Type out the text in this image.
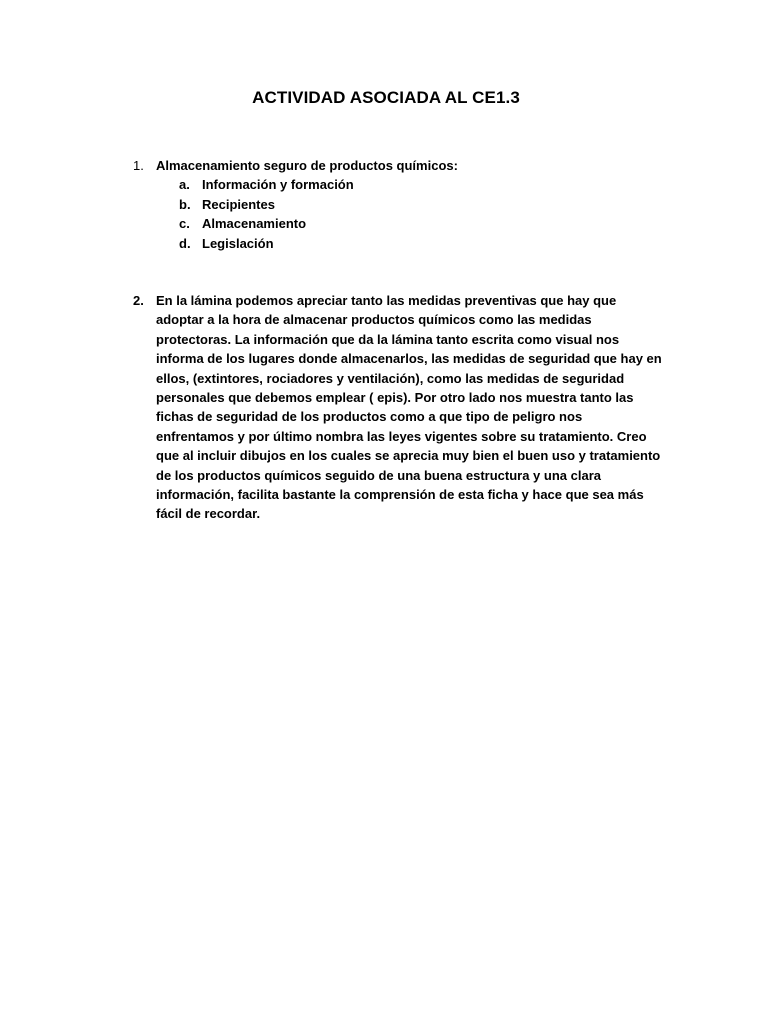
ACTIVIDAD ASOCIADA AL CE1.3
1. Almacenamiento seguro de productos químicos:
a. Información y formación
b. Recipientes
c. Almacenamiento
d. Legislación
2. En la lámina podemos apreciar tanto las medidas preventivas que hay que adoptar a la hora de almacenar productos químicos como las medidas protectoras. La información que da la lámina tanto escrita como visual nos informa de los lugares donde almacenarlos, las medidas de seguridad que hay en ellos, (extintores, rociadores y ventilación), como las medidas de seguridad personales que debemos emplear ( epis). Por otro lado nos muestra tanto las fichas de seguridad de los productos como a que tipo de peligro nos enfrentamos y por último nombra las leyes vigentes sobre su tratamiento. Creo que al incluir dibujos en los cuales se aprecia muy bien el buen uso y tratamiento de los productos químicos seguido de una buena estructura y una clara información, facilita bastante la comprensión de esta ficha y hace que sea más fácil de recordar.
